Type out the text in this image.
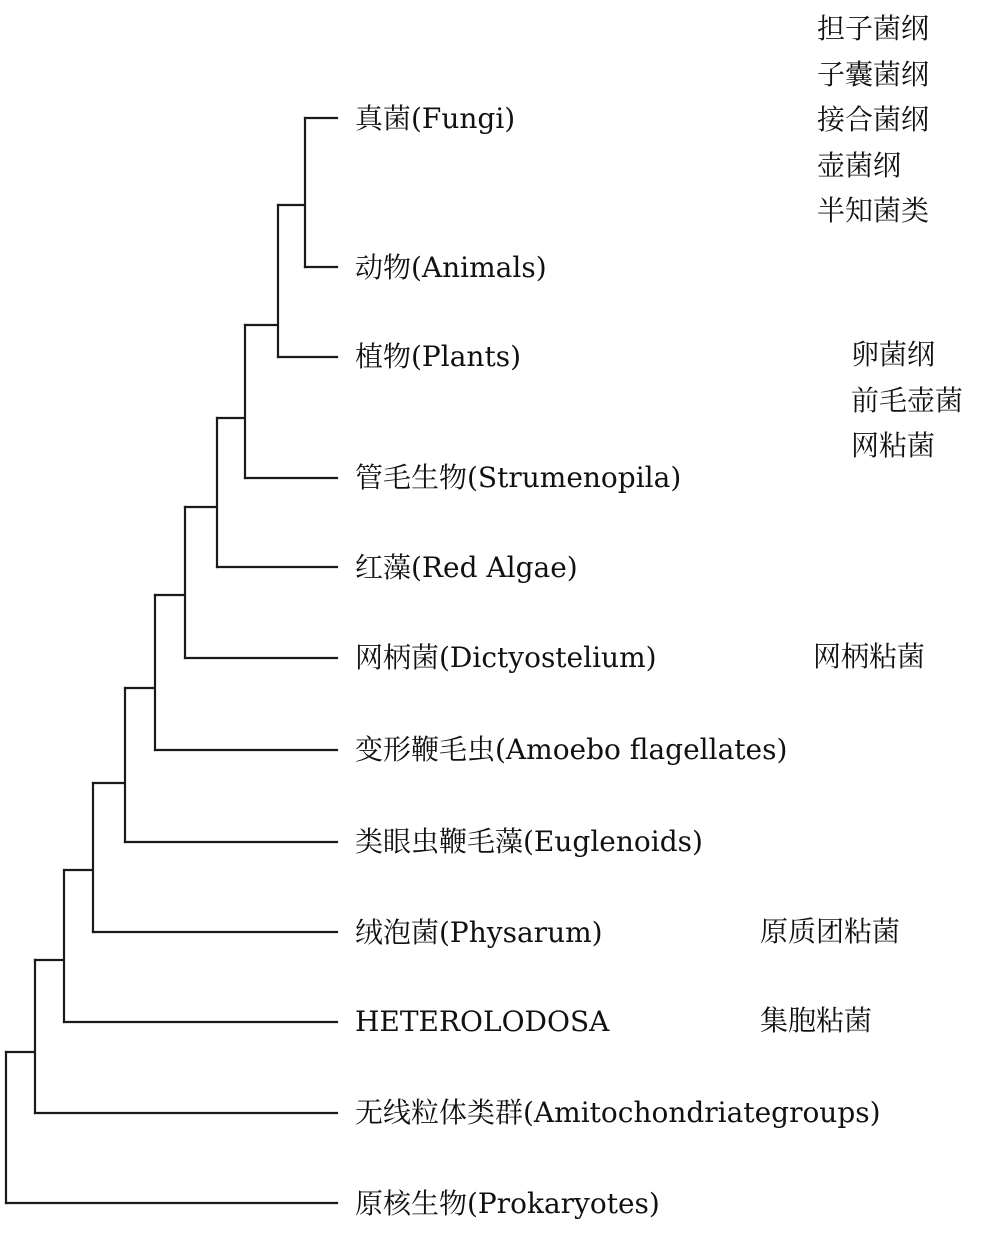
真菌(Fungi)
动物(Animals)
植物(Plants)
管毛生物(Strumenopila)
红藻(Red Algae)
网柄菌(Dictyostelium)
变形鞭毛虫(Amoebo flagellates)
类眼虫鞭毛藻(Euglenoids)
绒泡菌(Physarum)
HETEROLODOSA
无线粒体类群(Amitochondriategroups)
原核生物(Prokaryotes)
担子菌纲
子囊菌纲
接合菌纲
壶菌纲
半知菌类
卵菌纲
前毛壶菌
网粘菌
网柄粘菌
原质团粘菌
集胞粘菌
